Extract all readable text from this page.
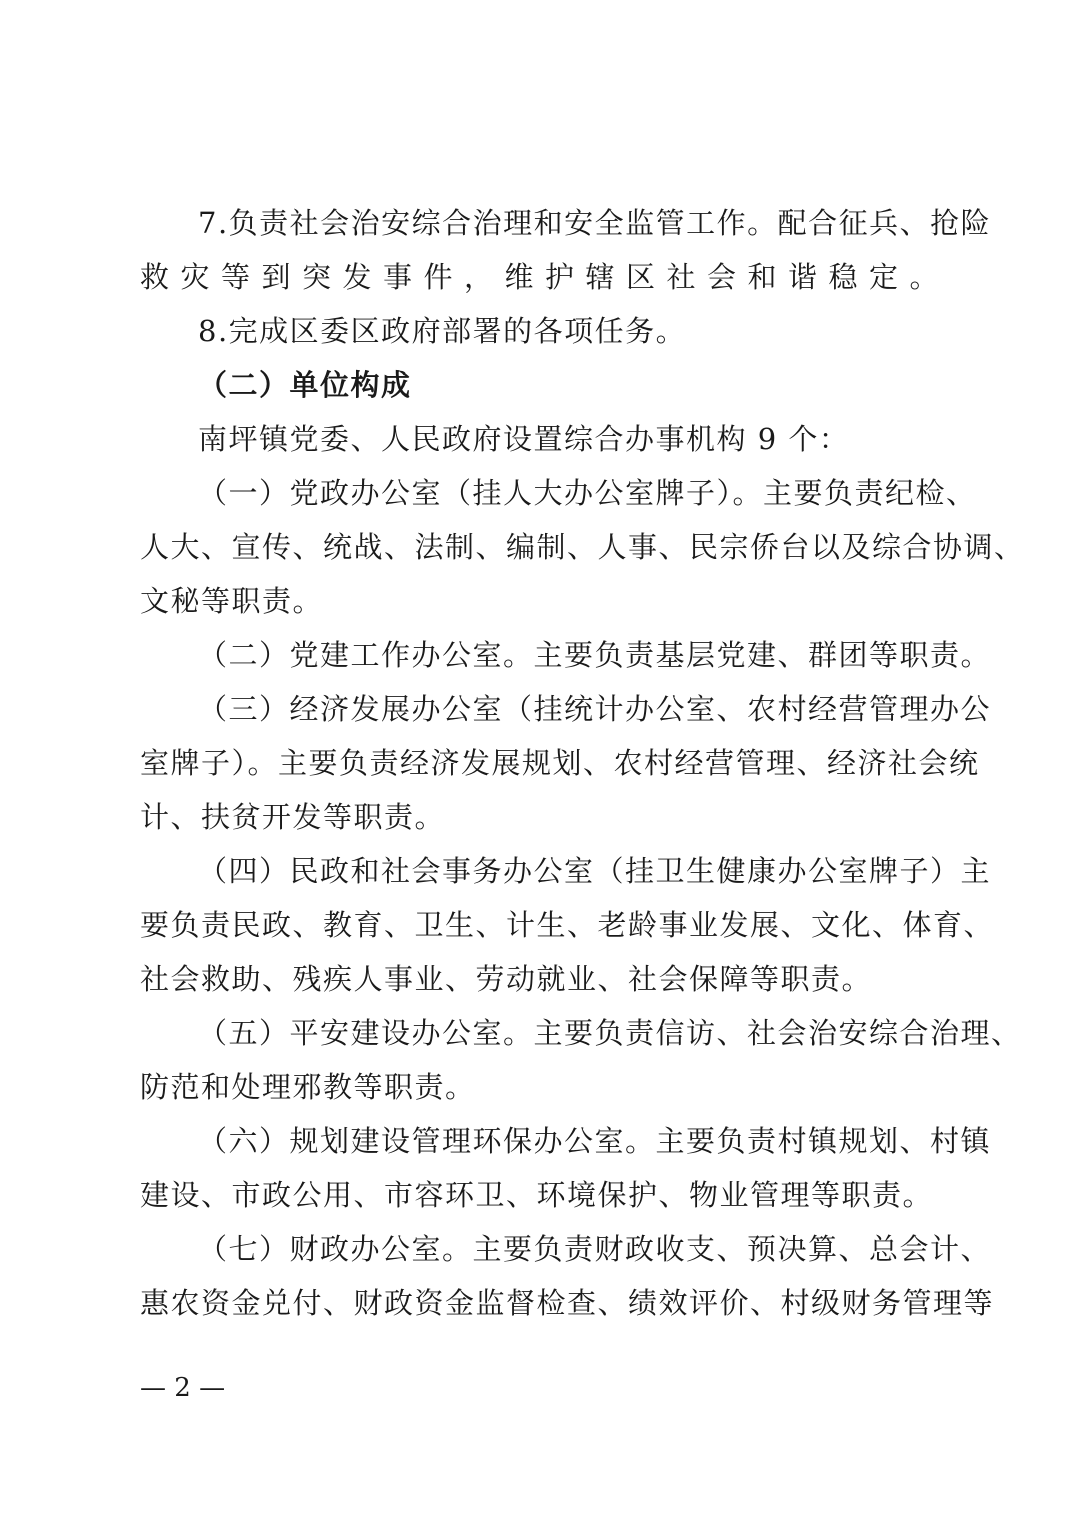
7.负责社会治安综合治理和安全监管工作。配合征兵、抢险
救灾等到突发事件，维护辖区社会和谐稳定。
8.完成区委区政府部署的各项任务。
（二）单位构成
南坪镇党委、人民政府设置综合办事机构 9 个：
（一）党政办公室（挂人大办公室牌子）。主要负责纪检、
人大、宣传、统战、法制、编制、人事、民宗侨台以及综合协调、
文秘等职责。
（二）党建工作办公室。主要负责基层党建、群团等职责。
（三）经济发展办公室（挂统计办公室、农村经营管理办公
室牌子）。主要负责经济发展规划、农村经营管理、经济社会统
计、扶贫开发等职责。
（四）民政和社会事务办公室（挂卫生健康办公室牌子）主
要负责民政、教育、卫生、计生、老龄事业发展、文化、体育、
社会救助、残疾人事业、劳动就业、社会保障等职责。
（五）平安建设办公室。主要负责信访、社会治安综合治理、
防范和处理邪教等职责。
（六）规划建设管理环保办公室。主要负责村镇规划、村镇
建设、市政公用、市容环卫、环境保护、物业管理等职责。
（七）财政办公室。主要负责财政收支、预决算、总会计、
惠农资金兑付、财政资金监督检查、绩效评价、村级财务管理等
— 2 —
